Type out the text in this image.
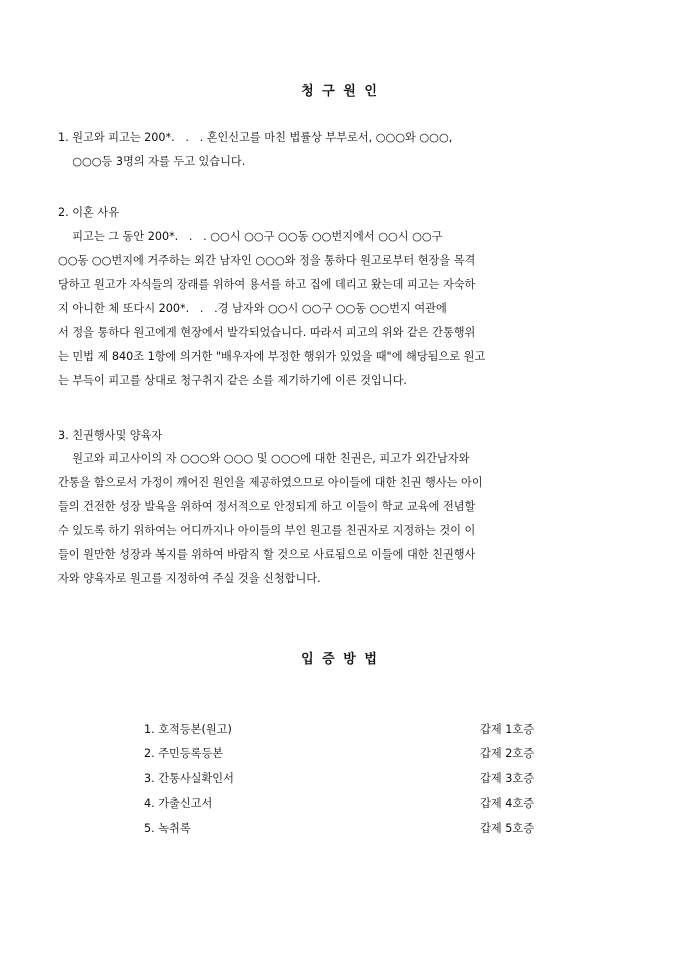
청 구 원 인
1. 원고와 피고는 200*.   .   . 혼인신고를 마친 법률상 부부로서, ○○○와 ○○○,
○○○등 3명의 자를 두고 있습니다.
2. 이혼 사유
피고는 그 동안 200*.   .   . ○○시 ○○구 ○○동 ○○번지에서 ○○시 ○○구
○○동 ○○번지에 거주하는 외간 남자인 ○○○와 정을 통하다 원고로부터 현장을 목격
당하고 원고가 자식들의 장래를 위하여 용서를 하고 집에 데리고 왔는데 피고는 자숙하
지 아니한 체 또다시 200*.   .   .경 남자와 ○○시 ○○구 ○○동 ○○번지 여관에
서 정을 통하다 원고에게 현장에서 발각되었습니다. 따라서 피고의 위와 같은 간통행위
는 민법 제 840조 1항에 의거한 "배우자에 부정한 행위가 있었을 때"에 해당됨으로 원고
는 부득이 피고를 상대로 청구취지 같은 소를 제기하기에 이른 것입니다.
3. 친권행사및 양육자
원고와 피고사이의 자 ○○○와 ○○○ 및 ○○○에 대한 친권은, 피고가 외간남자와
간통을 함으로서 가정이 깨어진 원인을 제공하였으므로 아이들에 대한 친권 행사는 아이
들의 건전한 성장 발육을 위하여 정서적으로 안정되게 하고 이들이 학교 교육에 전념할
수 있도록 하기 위하여는 어디까지나 아이들의 부인 원고를 친권자로 지정하는 것이 이
들이 원만한 성장과 복지를 위하여 바람직 할 것으로 사료됨으로 이들에 대한 친권행사
자와 양육자로 원고를 지정하여 주실 것을 신청합니다.
입 증 방 법
1. 호적등본(원고)	갑제 1호증
2. 주민등록등본	갑제 2호증
3. 간통사실확인서	갑제 3호증
4. 가출신고서	갑제 4호증
5. 녹취록	갑제 5호증
